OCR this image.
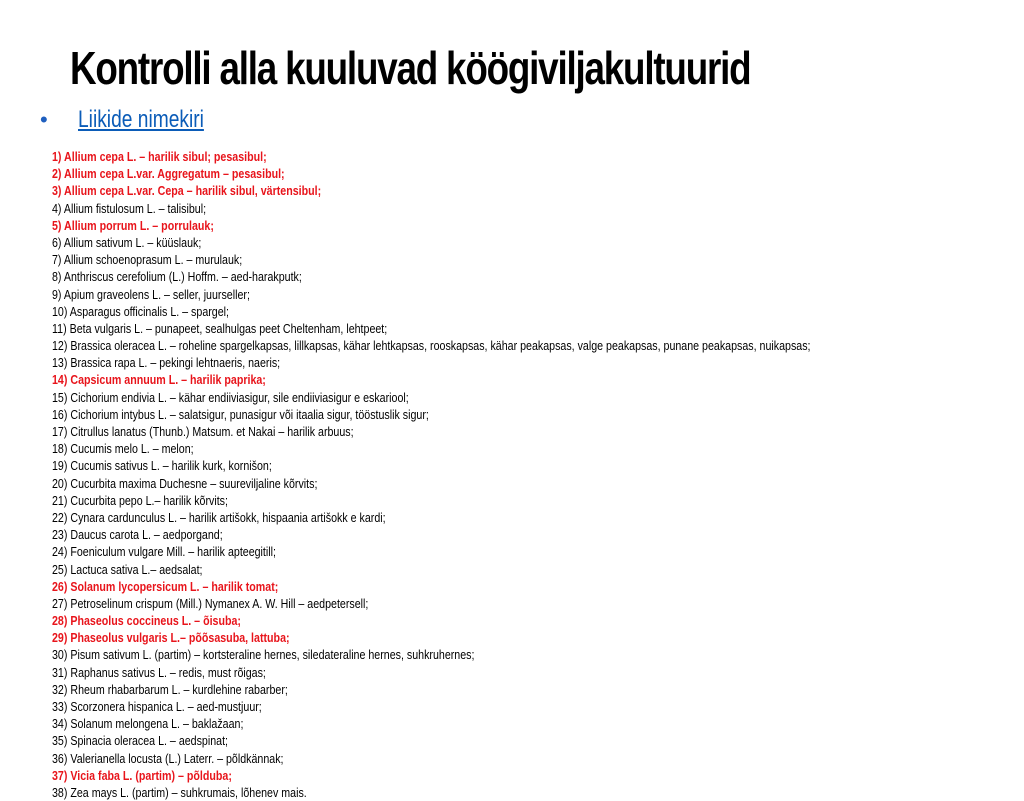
Kontrolli alla kuuluvad köögiviljakultuurid
•	Liikide nimekiri
1) Allium cepa L. – harilik sibul; pesasibul;
2) Allium cepa L.var. Aggregatum – pesasibul;
3) Allium cepa L.var. Cepa – harilik sibul, värtensibul;
4) Allium fistulosum L. – talisibul;
5) Allium porrum L. – porrulauk;
6) Allium sativum L. – küüslauk;
7) Allium schoenoprasum L. – murulauk;
8) Anthriscus cerefolium (L.) Hoffm. – aed-harakputk;
9) Apium graveolens L. – seller, juurseller;
10) Asparagus officinalis L. – spargel;
11) Beta vulgaris L. – punapeet, sealhulgas peet Cheltenham, lehtpeet;
12) Brassica oleracea L. – roheline spargelkapsas, lillkapsas, kähar lehtkapsas, rooskapsas, kähar peakapsas, valge peakapsas, punane peakapsas, nuikapsas;
13) Brassica rapa L. – pekingi lehtnaeris, naeris;
14) Capsicum annuum L. – harilik paprika;
15) Cichorium endivia L. – kähar endiiviasigur, sile endiiviasigur e eskariool;
16) Cichorium intybus L. – salatsigur, punasigur või itaalia sigur, tööstuslik sigur;
17) Citrullus lanatus (Thunb.) Matsum. et Nakai – harilik arbuus;
18) Cucumis melo L. – melon;
19) Cucumis sativus L. – harilik kurk, kornišon;
20) Cucurbita maxima Duchesne – suureviljaline kõrvits;
21) Cucurbita pepo L.– harilik kõrvits;
22) Cynara cardunculus L. – harilik artišokk, hispaania artišokk e kardi;
23) Daucus carota L. – aedporgand;
24) Foeniculum vulgare Mill. – harilik apteegitill;
25) Lactuca sativa L.– aedsalat;
26) Solanum lycopersicum L. – harilik tomat;
27) Petroselinum crispum (Mill.) Nymanex A. W. Hill – aedpetersell;
28) Phaseolus coccineus L. – õisuba;
29) Phaseolus vulgaris L.– põõsasuba, lattuba;
30) Pisum sativum L. (partim) – kortsteraline hernes, siledateraline hernes, suhkruhernes;
31) Raphanus sativus L. – redis, must rõigas;
32) Rheum rhabarbarum L. – kurdlehine rabarber;
33) Scorzonera hispanica L. – aed-mustjuur;
34) Solanum melongena L. – baklažaan;
35) Spinacia oleracea L. – aedspinat;
36) Valerianella locusta (L.) Laterr. – põldkännak;
37) Vicia faba L. (partim) – põlduba;
38) Zea mays L. (partim) – suhkrumais, lõhenev mais.
